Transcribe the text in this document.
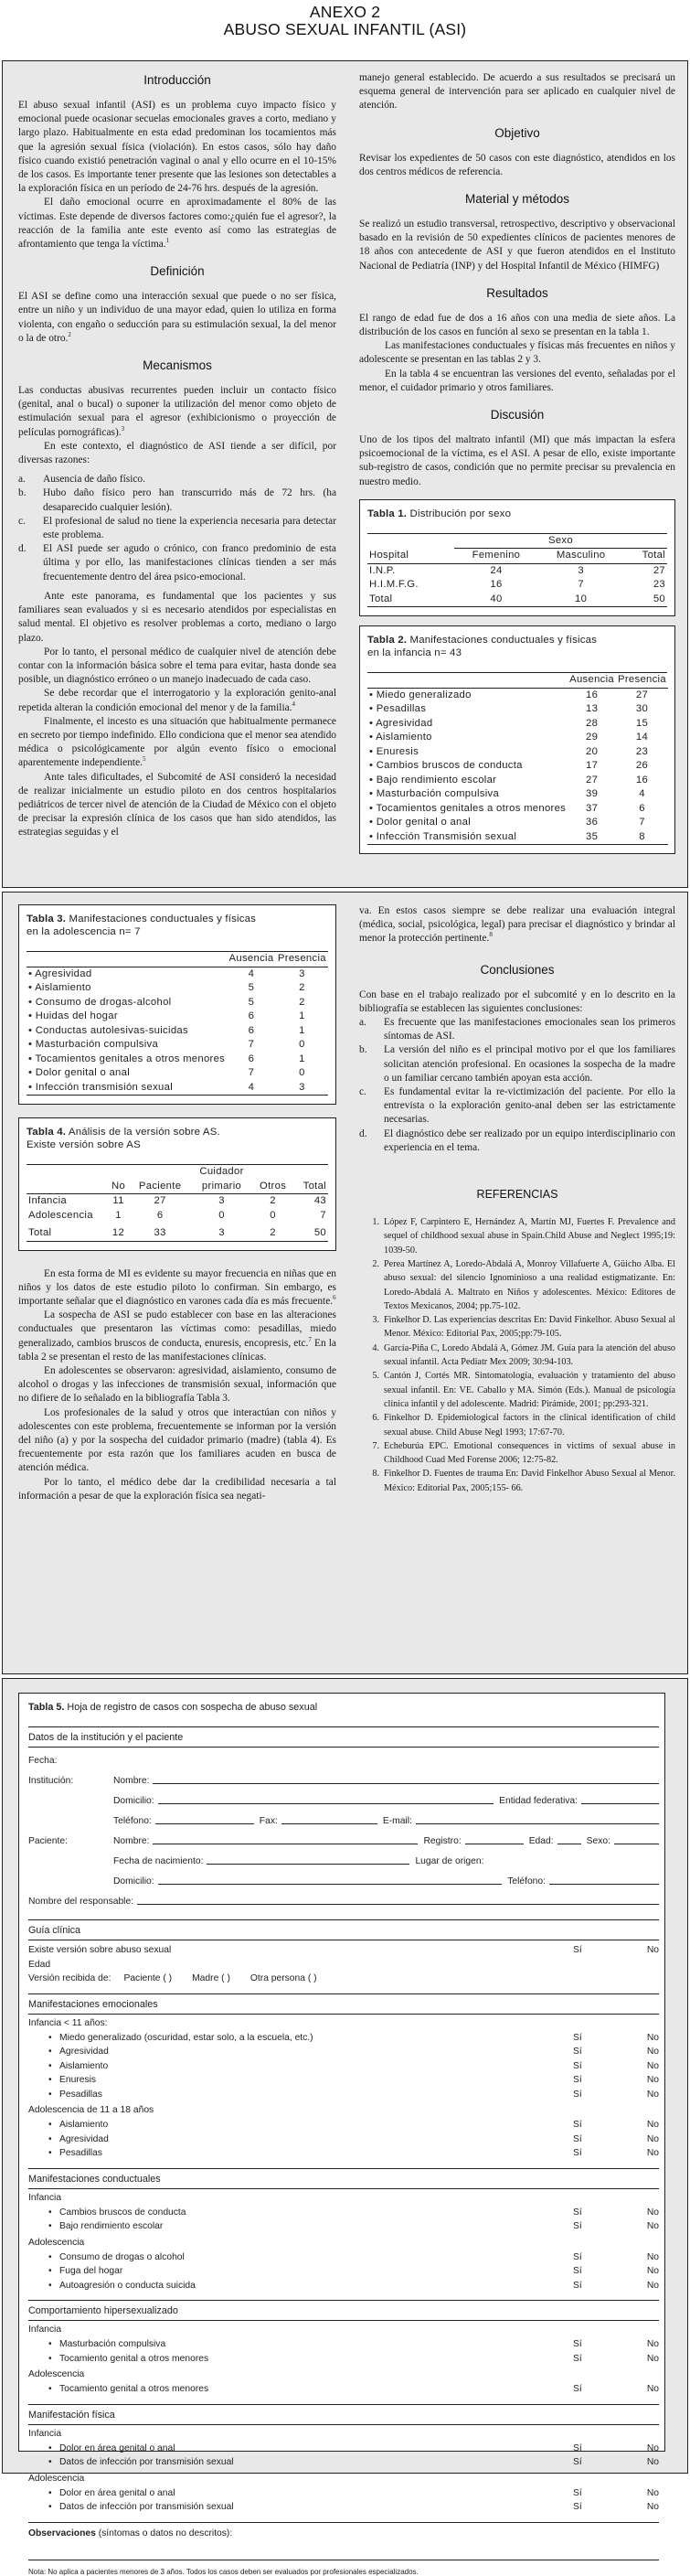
ANEXO 2
ABUSO SEXUAL INFANTIL (ASI)
Introducción

El abuso sexual infantil (ASI) es un problema cuyo impacto físico y emocional puede ocasionar secuelas emocionales graves a corto, mediano y largo plazo. Habitualmente en esta edad predominan los tocamientos más que la agresión sexual física (violación). En estos casos, sólo hay daño físico cuando existió penetración vaginal o anal y ello ocurre en el 10-15% de los casos. Es importante tener presente que las lesiones son detectables a la exploración física en un período de 24-76 hrs. después de la agresión.

El daño emocional ocurre en aproximadamente el 80% de las víctimas. Este depende de diversos factores como:¿quién fue el agresor?, la reacción de la familia ante este evento así como las estrategias de afrontamiento que tenga la víctima.$^1$

Definición

El ASI se define como una interacción sexual que puede o no ser física, entre un niño y un individuo de una mayor edad, quien lo utiliza en forma violenta, con engaño o seducción para su estimulación sexual, la del menor o la de otro.$^2$

Mecanismos

Las conductas abusivas recurrentes pueden incluir un contacto físico (genital, anal o bucal) o suponer la utilización del menor como objeto de estimulación sexual para el agresor (exhibicionismo o proyección de películas pornográficas).$^3$

En este contexto, el diagnóstico de ASI tiende a ser difícil, por diversas razones:

a.	Ausencia de daño físico.
b.	Hubo daño físico pero han transcurrido más de 72 hrs. (ha desaparecido cualquier lesión).
c.	El profesional de salud no tiene la experiencia necesaria para detectar este problema.
d.	El ASI puede ser agudo o crónico, con franco predominio de esta última y por ello, las manifestaciones clínicas tienden a ser más frecuentemente dentro del área psico-emocional.

Ante este panorama, es fundamental que los pacientes y sus familiares sean evaluados y si es necesario atendidos por especialistas en salud mental. El objetivo es resolver problemas a corto, mediano o largo plazo.

Por lo tanto, el personal médico de cualquier nivel de atención debe contar con la información básica sobre el tema para evitar, hasta donde sea posible, un diagnóstico erróneo o un manejo inadecuado de cada caso.

Se debe recordar que el interrogatorio y la exploración genito-anal repetida alteran la condición emocional del menor y de la familia.$^4$

Finalmente, el incesto es una situación que habitualmente permanece en secreto por tiempo indefinido. Ello condiciona que el menor sea atendido médica o psicológicamente por algún evento físico o emocional aparentemente independiente.$^5$

Ante tales dificultades, el Subcomité de ASI consideró la necesidad de realizar inicialmente un estudio piloto en dos centros hospitalarios pediátricos de tercer nivel de atención de la Ciudad de México con el objeto de precisar la expresión clínica de los casos que han sido atendidos, las estrategias seguidas y el

manejo general establecido. De acuerdo a sus resultados se precisará un esquema general de intervención para ser aplicado en cualquier nivel de atención.

Objetivo

Revisar los expedientes de 50 casos con este diagnóstico, atendidos en los dos centros médicos de referencia.

Material y métodos

Se realizó un estudio transversal, retrospectivo, descriptivo y observacional basado en la revisión de 50 expedientes clínicos de pacientes menores de 18 años con antecedente de ASI y que fueron atendidos en el Instituto Nacional de Pediatría (INP) y del Hospital Infantil de México (HIMFG)

Resultados

El rango de edad fue de dos a 16 años con una media de siete años. La distribución de los casos en función al sexo se presentan en la tabla 1.

Las manifestaciones conductuales y físicas más frecuentes en niños y adolescente se presentan en las tablas 2 y 3.

En la tabla 4 se encuentran las versiones del evento, señaladas por el menor, el cuidador primario y otros familiares.

Discusión

Uno de los tipos del maltrato infantil (MI) que más impactan la esfera psicoemocional de la víctima, es el ASI. A pesar de ello, existe importante sub-registro de casos, condición que no permite precisar su prevalencia en nuestro medio.

Tabla 1. Distribución por sexo
	Sexo		
Hospital	Femenino	Masculino	Total
I.N.P.	24	3	27
H.I.M.F.G.	16	7	23
Total	40	10	50
Tabla 2. Manifestaciones conductuales y físicas
en la infancia n= 43
	Ausencia	Presencia
• Miedo generalizado	16	27
• Pesadillas	13	30
• Agresividad	28	15
• Aislamiento	29	14
• Enuresis	20	23
• Cambios bruscos de conducta	17	26
• Bajo rendimiento escolar	27	16
• Masturbación compulsiva	39	4
• Tocamientos genitales a otros menores	37	6
• Dolor genital o anal	36	7
• Infección Transmisión sexual	35	8
Tabla 3. Manifestaciones conductuales y físicas
en la adolescencia n= 7
	Ausencia	Presencia
• Agresividad	4	3
• Aislamiento	5	2
• Consumo de drogas-alcohol	5	2
• Huidas del hogar	6	1
• Conductas autolesivas-suicidas	6	1
• Masturbación compulsiva	7	0
• Tocamientos genitales a otros menores	6	1
• Dolor genital o anal	7	0
• Infección transmisión sexual	4	3
Tabla 4. Análisis de la versión sobre AS.
Existe versión sobre AS
			Cuidador		
	No	Paciente	primario	Otros	Total
Infancia	11	27	3	2	43
Adolescencia	1	6	0	0	7
Total	12	33	3	2	50

En esta forma de MI es evidente su mayor frecuencia en niñas que en niños y los datos de este estudio piloto lo confirman. Sin embargo, es importante señalar que el diagnóstico en varones cada día es más frecuente.$^6$

La sospecha de ASI se pudo establecer con base en las alteraciones conductuales que presentaron las víctimas como: pesadillas, miedo generalizado, cambios bruscos de conducta, enuresis, encopresis, etc.$^7$ En la tabla 2 se presentan el resto de las manifestaciones clínicas.

En adolescentes se observaron: agresividad, aislamiento, consumo de alcohol o drogas y las infecciones de transmisión sexual, información que no difiere de lo señalado en la bibliografía Tabla 3.

Los profesionales de la salud y otros que interactúan con niños y adolescentes con este problema, frecuentemente se informan por la versión del niño (a) y por la sospecha del cuidador primario (madre) (tabla 4). Es frecuentemente por esta razón que los familiares acuden en busca de atención médica.

Por lo tanto, el médico debe dar la credibilidad necesaria a tal información a pesar de que la exploración física sea negati-

va. En estos casos siempre se debe realizar una evaluación integral (médica, social, psicológica, legal) para precisar el diagnóstico y brindar al menor la protección pertinente.$^8$

Conclusiones

Con base en el trabajo realizado por el subcomité y en lo descrito en la bibliografía se establecen las siguientes conclusiones:

a.	Es frecuente que las manifestaciones emocionales sean los primeros síntomas de ASI.
b.	La versión del niño es el principal motivo por el que los familiares solicitan atención profesional. En ocasiones la sospecha de la madre o un familiar cercano también apoyan esta acción.
c.	Es fundamental evitar la re-victimización del paciente. Por ello la entrevista o la exploración genito-anal deben ser las estrictamente necesarias.
d.	El diagnóstico debe ser realizado por un equipo interdisciplinario con experiencia en el tema.
REFERENCIAS
1. López F, Carpintero E, Hernández A, Martín MJ, Fuertes F. Prevalence and sequel of childhood sexual abuse in Spain.Child Abuse and Neglect 1995;19: 1039-50.
2. Perea Martínez A, Loredo-Abdalá A, Monroy Villafuerte A, Güicho Alba. El abuso sexual: del silencio Ignominioso a una realidad estigmatizante. En: Loredo-Abdalá A. Maltrato en Niños y adolescentes. México: Editores de Textos Mexicanos, 2004; pp.75-102.
3. Finkelhor D. Las experiencias descritas En: David Finkelhor. Abuso Sexual al Menor. México: Editorial Pax, 2005;pp:79-105.
4. García-Piña C, Loredo Abdalá A, Gómez JM. Guía para la atención del abuso sexual infantil. Acta Pediatr Mex 2009; 30:94-103.
5. Cantón J, Cortés MR. Sintomatología, evaluación y tratamiento del abuso sexual infantil. En: VE. Caballo y MA. Simón (Eds.). Manual de psicología clínica infantil y del adolescente. Madrid: Pirámide, 2001; pp:293-321.
6. Finkelhor D. Epidemiological factors in the clinical identification of child sexual abuse. Child Abuse Negl 1993; 17:67-70.
7. Echeburúa EPC. Emotional consequences in victims of sexual abuse in Childhood Cuad Med Forense 2006; 12:75-82.
8. Finkelhor D. Fuentes de trauma En: David Finkelhor Abuso Sexual al Menor. México: Editorial Pax, 2005;155- 66.
Tabla 5. Hoja de registro de casos con sospecha de abuso sexual
Datos de la institución y el paciente
Fecha:
Institución:	Nombre:
Domicilio:	Entidad federativa:
Teléfono:	Fax:	E-mail:
Paciente:	Nombre:	Registro:	Edad:	Sexo:
Fecha de nacimiento:	Lugar de origen:
Domicilio:	Teléfono:
Nombre del responsable:
Guía clínica
Existe versión sobre abuso sexual	Sí	No
Edad
Versión recibida de: Paciente ( ) Madre ( ) Otra persona ( )
Manifestaciones emocionales
Infancia < 11 años:
• Miedo generalizado (oscuridad, estar solo, a la escuela, etc.)	Sí	No
• Agresividad	Sí	No
• Aislamiento	Sí	No
• Enuresis	Sí	No
• Pesadillas	Sí	No
Adolescencia de 11 a 18 años
• Aislamiento	Sí	No
• Agresividad	Sí	No
• Pesadillas	Sí	No
Manifestaciones conductuales
Infancia
• Cambios bruscos de conducta	Sí	No
• Bajo rendimiento escolar	Sí	No
Adolescencia
• Consumo de drogas o alcohol	Sí	No
• Fuga del hogar	Sí	No
• Autoagresión o conducta suicida	Sí	No
Comportamiento hipersexualizado
Infancia
• Masturbación compulsiva	Sí	No
• Tocamiento genital a otros menores	Sí	No
Adolescencia
• Tocamiento genital a otros menores	Sí	No
Manifestación física
Infancia
• Dolor en área genital o anal	Sí	No
• Datos de infección por transmisión sexual	Sí	No
Adolescencia
• Dolor en área genital o anal	Sí	No
• Datos de infección por transmisión sexual	Sí	No
Observaciones (síntomas o datos no descritos):
Nota: No aplica a pacientes menores de 3 años. Todos los casos deben ser evaluados por profesionales especializados.
